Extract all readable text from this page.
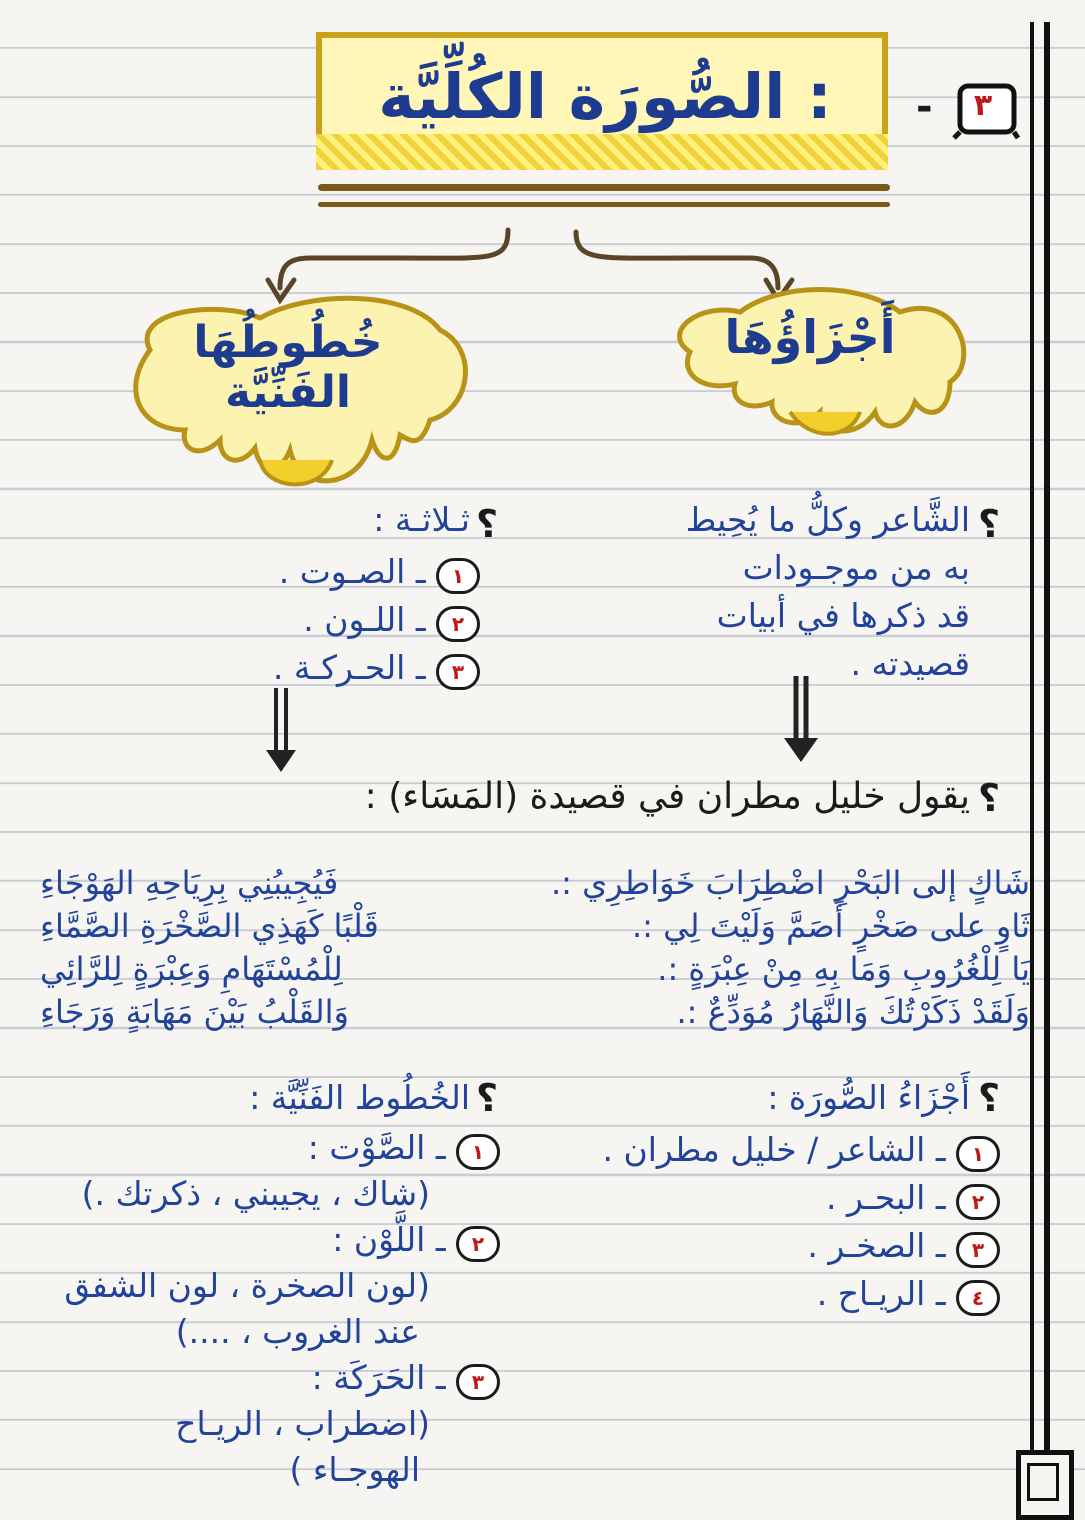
: الصُّورَة الكُلِّيَّة	٣
-
خُطُوطُهَا
الفَنِّيَّة
أَجْزَاؤُهَا
؟
الشَّاعر وكلُّ ما يُحِيط
به من موجـودات
قد ذكرها في أبيات
قصيدته .
؟
ثـلاثـة :
١ ـ الصـوت .
٢ ـ اللـون .
٣ ـ الحـركـة .
؟
يقول خليل مطران في قصيدة (المَسَاء) :
شَاكٍ إلى البَحْرِ اضْطِرَابَ خَوَاطِرِي :.
فَيُجِيبُنِي بِرِيَاحِهِ الهَوْجَاءِ
ثَاوٍ على صَخْرٍ أَصَمَّ وَلَيْتَ لِي :.
قَلْبًا كَهَذِي الصَّخْرَةِ الصَّمَّاءِ
يَا لِلْغُرُوبِ وَمَا بِهِ مِنْ عِبْرَةٍ :.
لِلْمُسْتَهَامِ وَعِبْرَةٍ لِلرَّائِي
وَلَقَدْ ذَكَرْتُكَ وَالنَّهَارُ مُوَدِّعٌ :.
وَالقَلْبُ بَيْنَ مَهَابَةٍ وَرَجَاءِ
؟
أَجْزَاءُ الصُّورَة :
١ ـ الشاعر / خليل مطران .
٢ ـ البحـر .
٣ ـ الصخـر .
٤ ـ الريـاح .
؟
الخُطُوط الفَنِّيَّة :
١ ـ الصَّوْت :
(شاك ، يجيبني ، ذكرتك .)
٢ ـ اللَّوْن :
(لون الصخرة ، لون الشفق
عند الغروب ، ....)
٣ ـ الحَرَكَة :
(اضطراب ، الريـاح
الهوجـاء )
